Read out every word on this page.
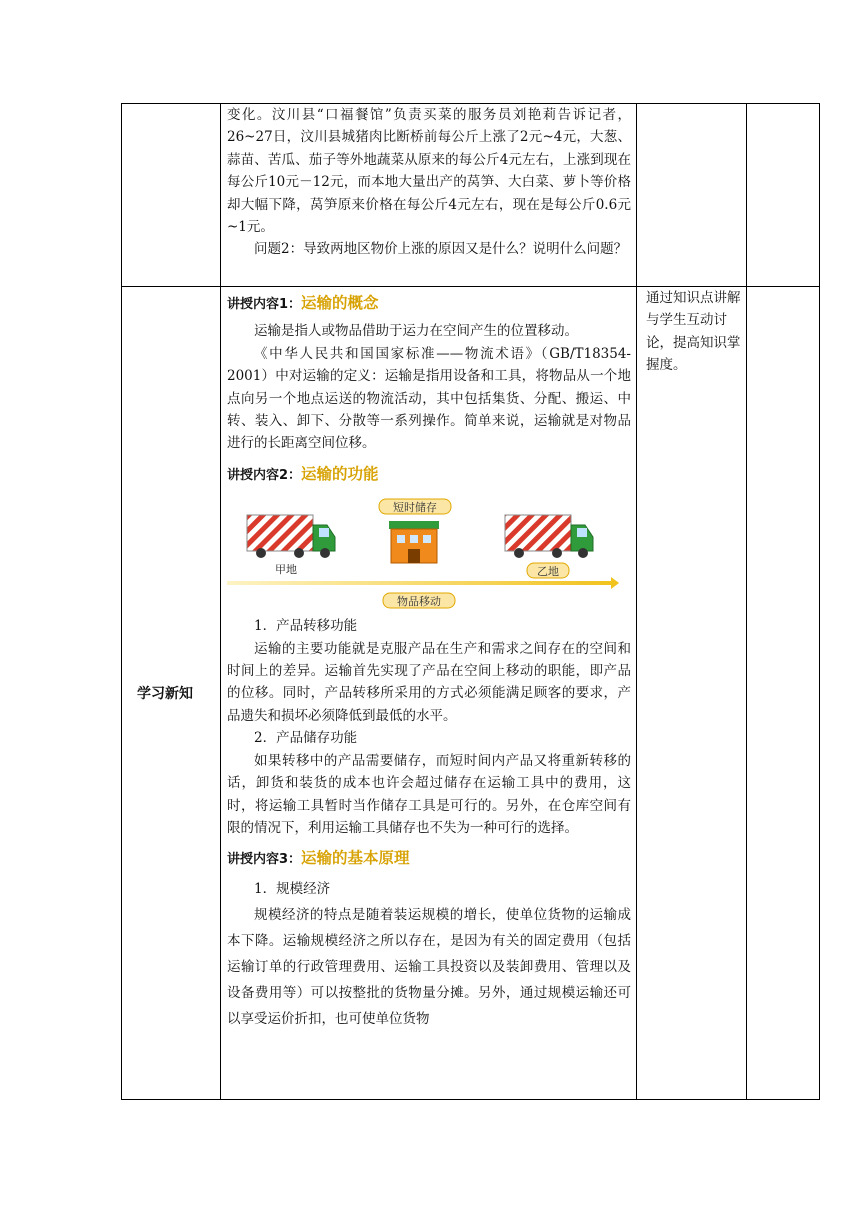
变化。汶川县“口福餐馆”负责买菜的服务员刘艳莉告诉记者，26~27日，汶川县城猪肉比断桥前每公斤上涨了2元~4元，大葱、蒜苗、苦瓜、茄子等外地蔬菜从原来的每公斤4元左右，上涨到现在每公斤10元－12元，而本地大量出产的莴笋、大白菜、萝卜等价格却大幅下降，莴笋原来价格在每公斤4元左右，现在是每公斤0.6元~1元。

问题2：导致两地区物价上涨的原因又是什么？说明什么问题？

学习新知
通过知识点讲解与学生互动讨论，提高知识掌握度。
讲授内容1：运输的概念

运输是指人或物品借助于运力在空间产生的位置移动。

《中华人民共和国国家标准——物流术语》（GB/T18354-2001）中对运输的定义：运输是指用设备和工具，将物品从一个地点向另一个地点运送的物流活动，其中包括集货、分配、搬运、中转、装入、卸下、分散等一系列操作。简单来说，运输就是对物品进行的长距离空间位移。

讲授内容2：运输的功能
甲地
短时储存
乙地
物品移动

1．产品转移功能

运输的主要功能就是克服产品在生产和需求之间存在的空间和时间上的差异。运输首先实现了产品在空间上移动的职能，即产品的位移。同时，产品转移所采用的方式必须能满足顾客的要求，产品遗失和损坏必须降低到最低的水平。

2．产品储存功能

如果转移中的产品需要储存，而短时间内产品又将重新转移的话，卸货和装货的成本也许会超过储存在运输工具中的费用，这时，将运输工具暂时当作储存工具是可行的。另外，在仓库空间有限的情况下，利用运输工具储存也不失为一种可行的选择。

讲授内容3：运输的基本原理

1．规模经济

规模经济的特点是随着装运规模的增长，使单位货物的运输成本下降。运输规模经济之所以存在，是因为有关的固定费用（包括运输订单的行政管理费用、运输工具投资以及装卸费用、管理以及设备费用等）可以按整批的货物量分摊。另外，通过规模运输还可以享受运价折扣，也可使单位货物
